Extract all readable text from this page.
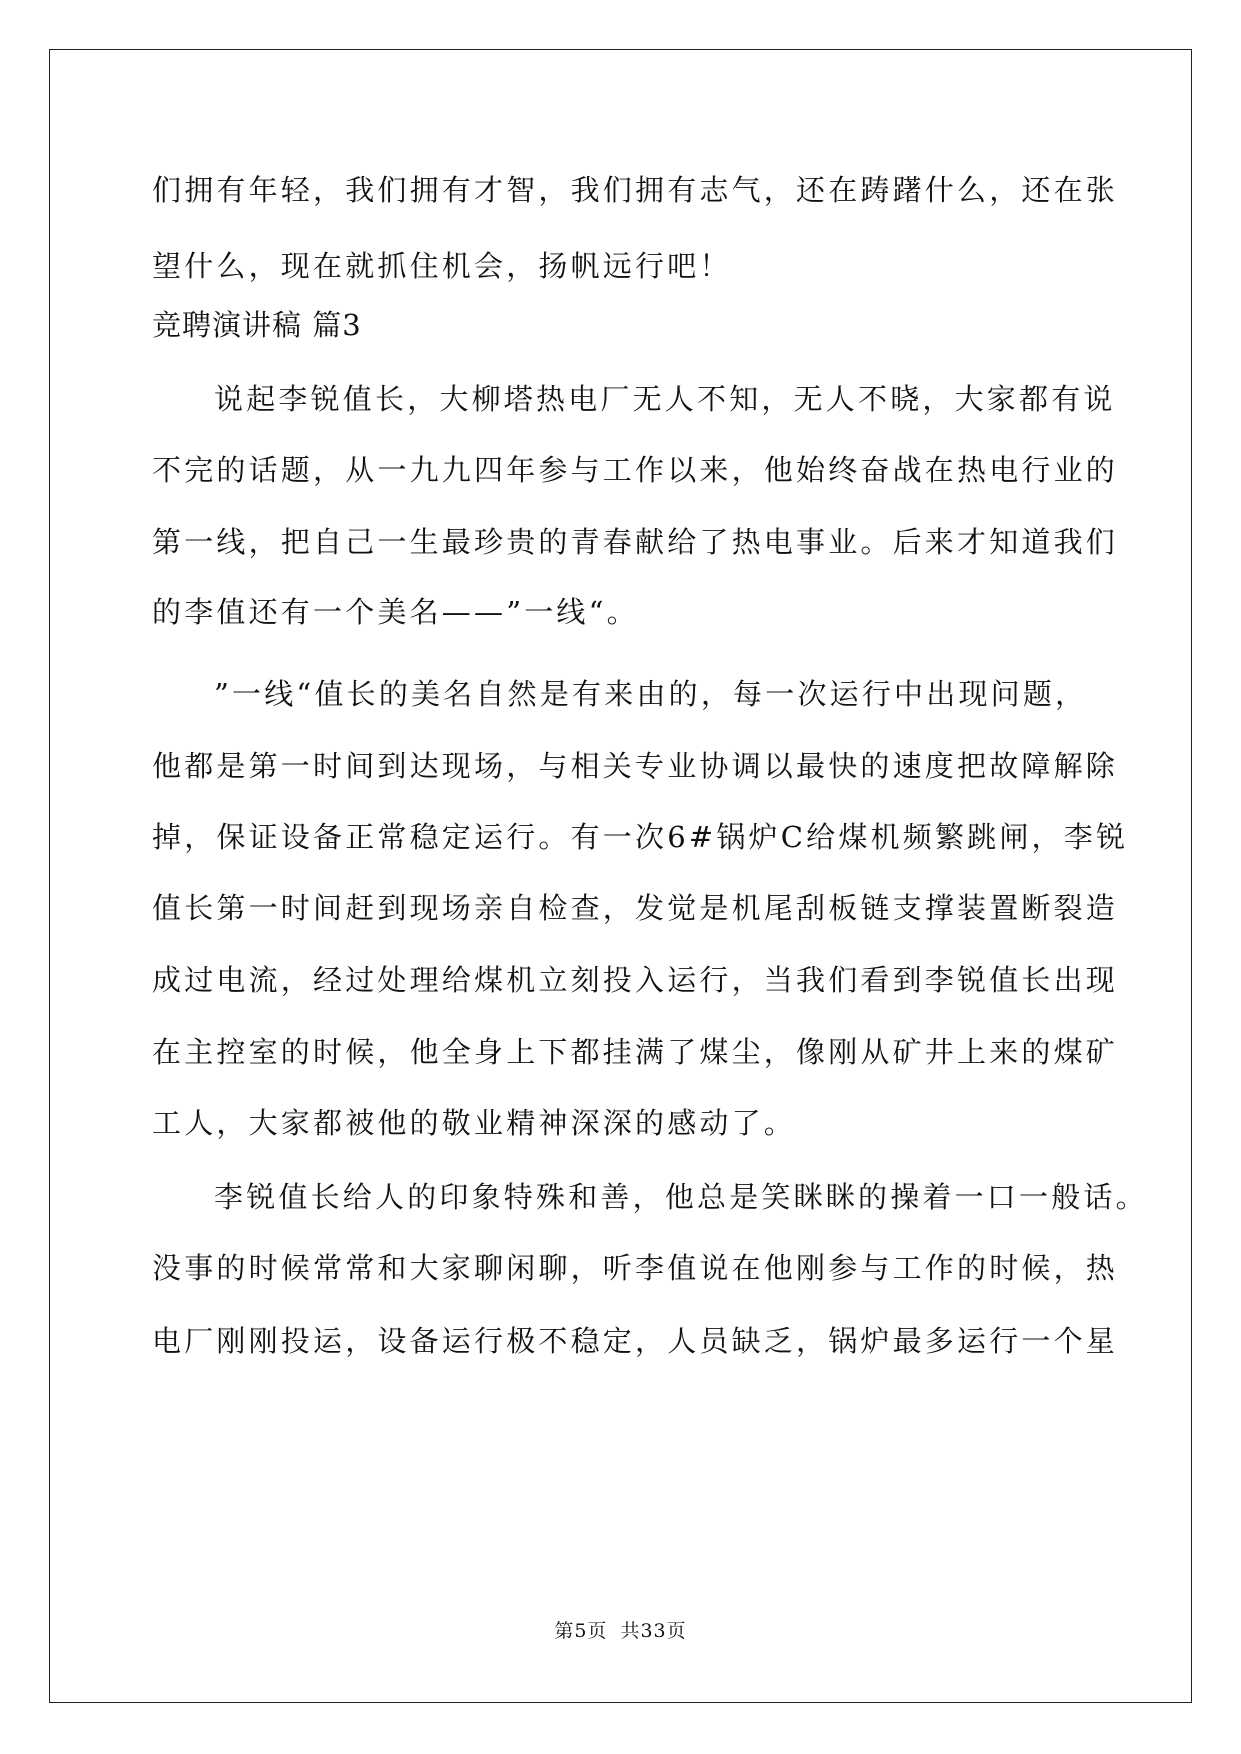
们拥有年轻，我们拥有才智，我们拥有志气，还在踌躇什么，还在张
望什么，现在就抓住机会，扬帆远行吧！
竞聘演讲稿 篇3
说起李锐值长，大柳塔热电厂无人不知，无人不晓，大家都有说
不完的话题，从一九九四年参与工作以来，他始终奋战在热电行业的
第一线，把自己一生最珍贵的青春献给了热电事业。后来才知道我们
的李值还有一个美名——”一线“。
”一线“值长的美名自然是有来由的，每一次运行中出现问题，
他都是第一时间到达现场，与相关专业协调以最快的速度把故障解除
掉，保证设备正常稳定运行。有一次6#锅炉C给煤机频繁跳闸，李锐
值长第一时间赶到现场亲自检查，发觉是机尾刮板链支撑装置断裂造
成过电流，经过处理给煤机立刻投入运行，当我们看到李锐值长出现
在主控室的时候，他全身上下都挂满了煤尘，像刚从矿井上来的煤矿
工人，大家都被他的敬业精神深深的感动了。
李锐值长给人的印象特殊和善，他总是笑眯眯的操着一口一般话。
没事的时候常常和大家聊闲聊，听李值说在他刚参与工作的时候，热
电厂刚刚投运，设备运行极不稳定，人员缺乏，锅炉最多运行一个星
第5页 共33页
